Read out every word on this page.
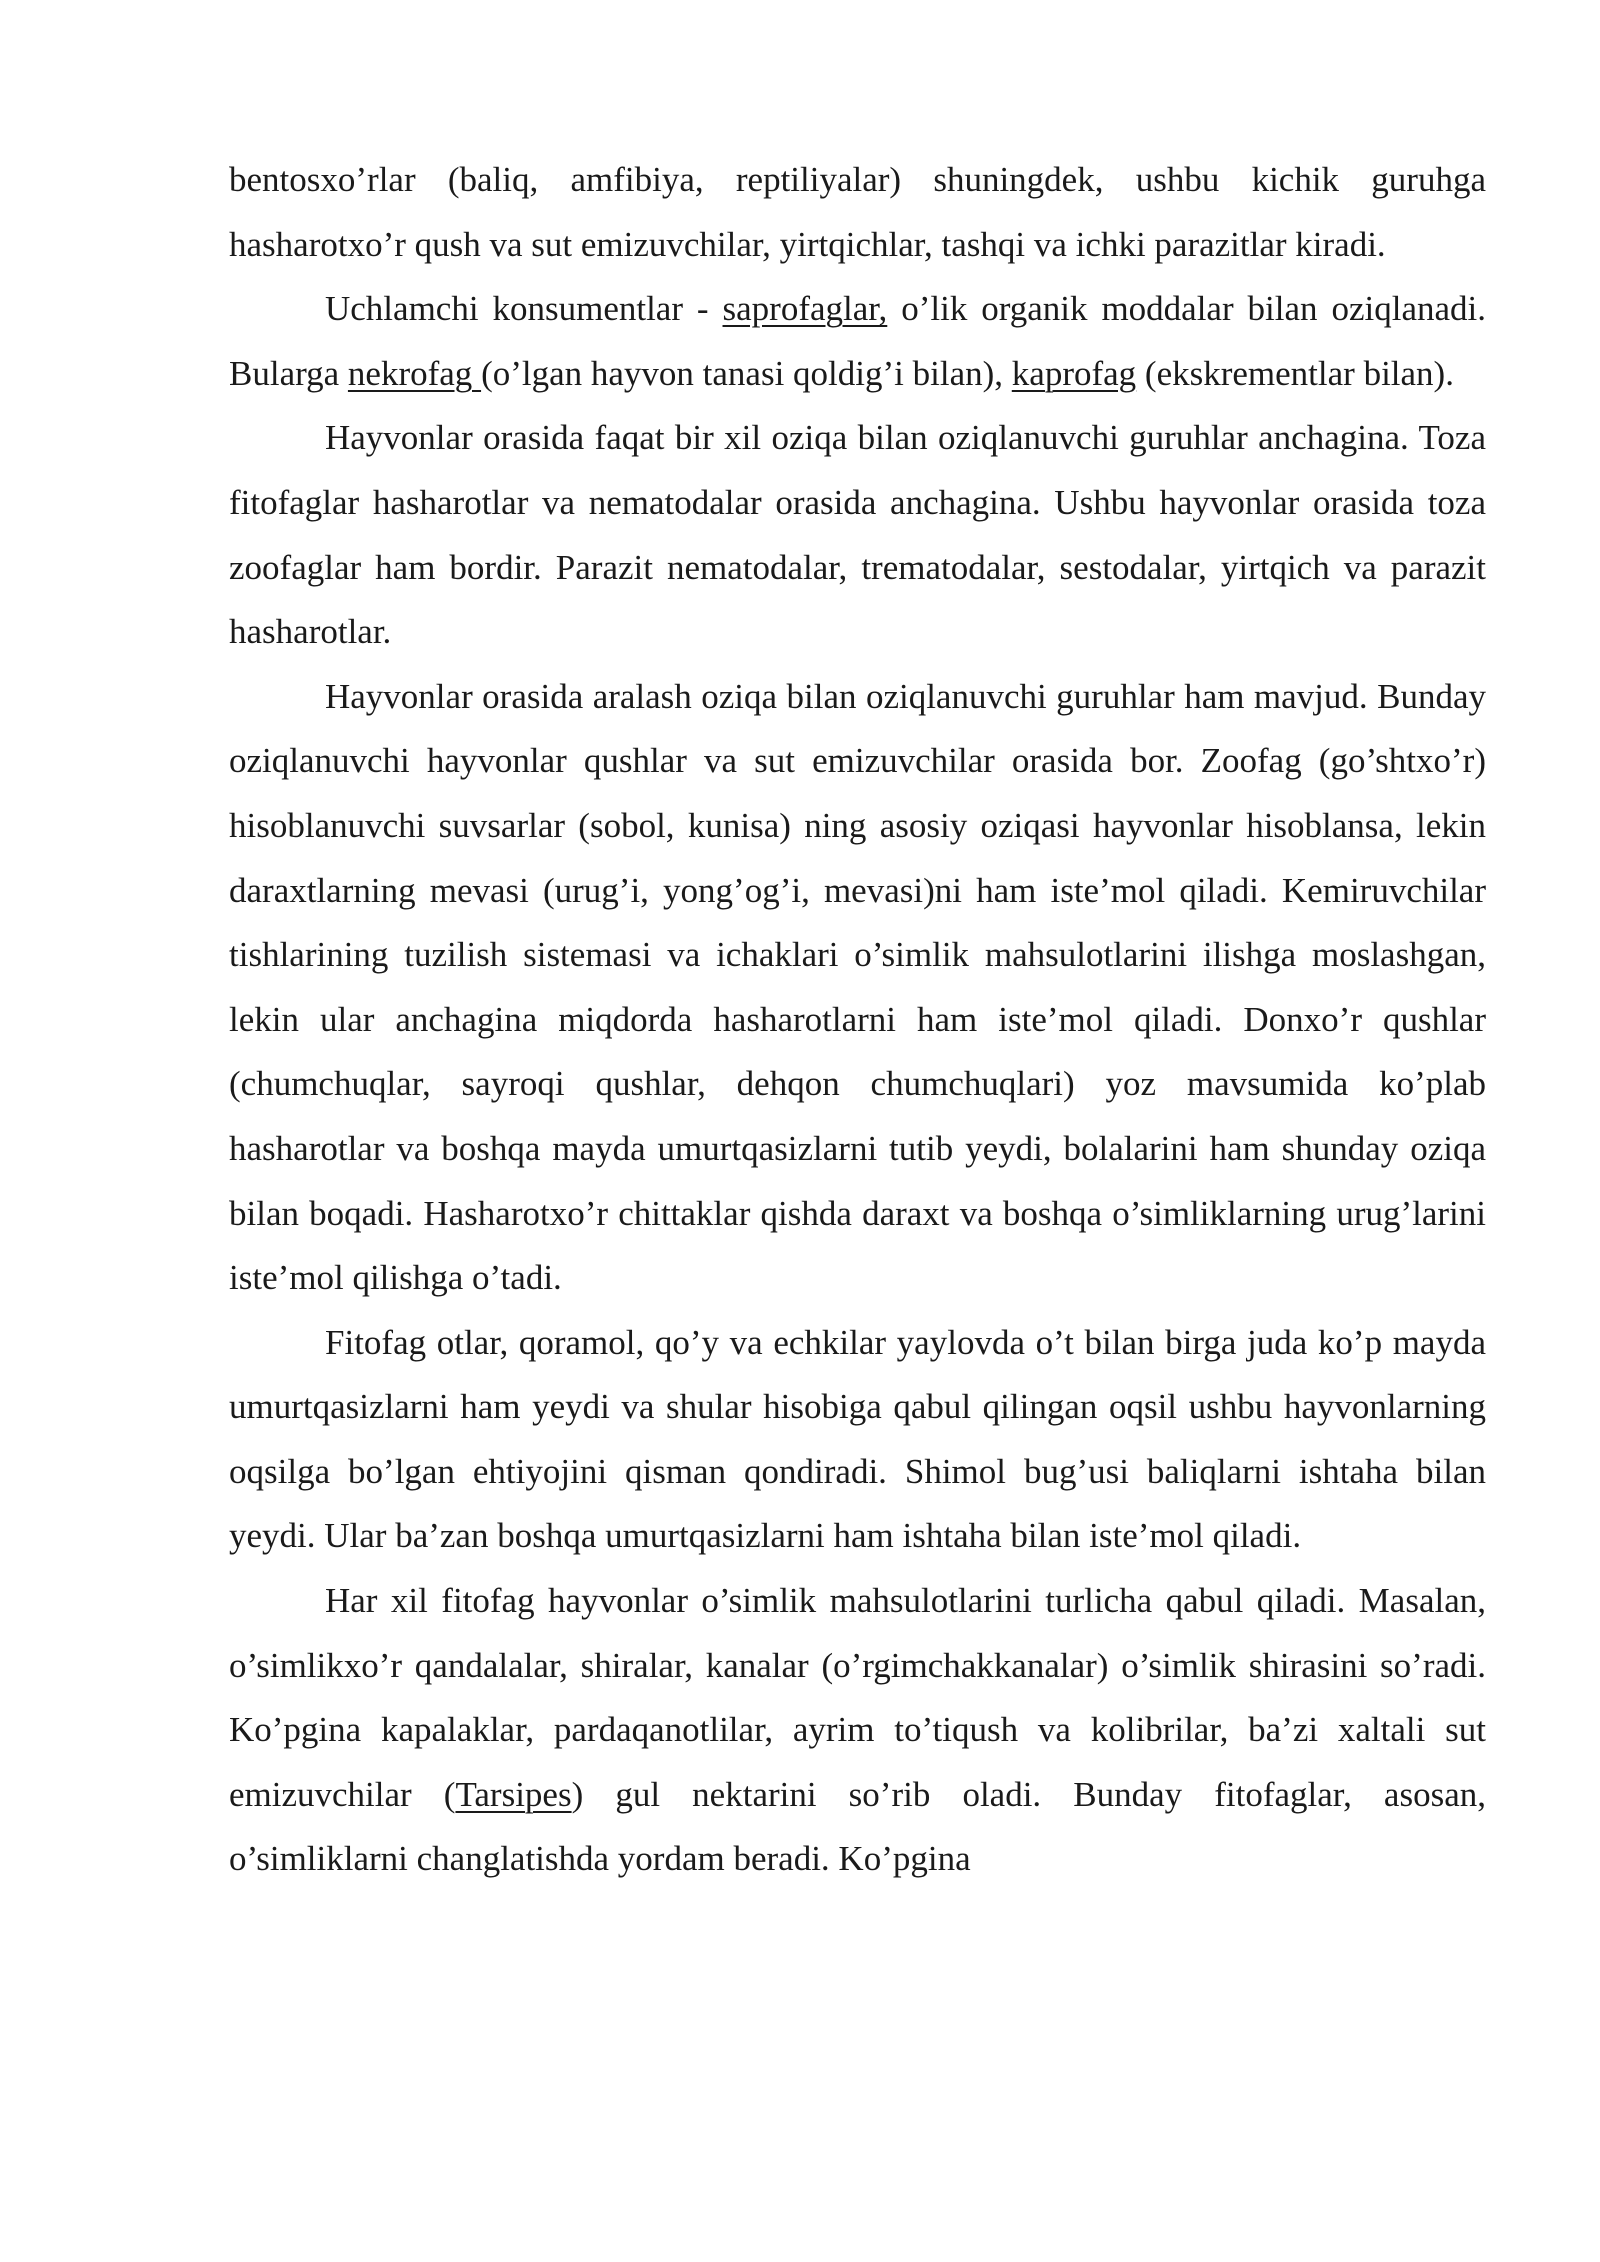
bentosxo’rlar (baliq, amfibiya, reptiliyalar) shuningdek, ushbu kichik guruhga hasharotxo’r qush va sut emizuvchilar, yirtqichlar, tashqi va ichki parazitlar kiradi.

Uchlamchi konsumentlar - saprofaglar, o’lik organik moddalar bilan oziqlanadi. Bularga nekrofag (o’lgan hayvon tanasi qoldig’i bilan), kaprofag (ekskrementlar bilan).

Hayvonlar orasida faqat bir xil oziqa bilan oziqlanuvchi guruhlar anchagina. Toza fitofaglar hasharotlar va nematodalar orasida anchagina. Ushbu hayvonlar orasida toza zoofaglar ham bordir. Parazit nematodalar, trematodalar, sestodalar, yirtqich va parazit hasharotlar.

Hayvonlar orasida aralash oziqa bilan oziqlanuvchi guruhlar ham mavjud. Bunday oziqlanuvchi hayvonlar qushlar va sut emizuvchilar orasida bor. Zoofag (go’shtxo’r) hisoblanuvchi suvsarlar (sobol, kunisa) ning asosiy oziqasi hayvonlar hisoblansa, lekin daraxtlarning mevasi (urug’i, yong’og’i, mevasi)ni ham iste’mol qiladi. Kemiruvchilar tishlarining tuzilish sistemasi va ichaklari o’simlik mahsulotlarini ilishga moslashgan, lekin ular anchagina miqdorda hasharotlarni ham iste’mol qiladi. Donxo’r qushlar (chumchuqlar, sayroqi qushlar, dehqon chumchuqlari) yoz mavsumida ko’plab hasharotlar va boshqa mayda umurtqasizlarni tutib yeydi, bolalarini ham shunday oziqa bilan boqadi. Hasharotxo’r chittaklar qishda daraxt va boshqa o’simliklarning urug’larini iste’mol qilishga o’tadi.

Fitofag otlar, qoramol, qo’y va echkilar yaylovda o’t bilan birga juda ko’p mayda umurtqasizlarni ham yeydi va shular hisobiga qabul qilingan oqsil ushbu hayvonlarning oqsilga bo’lgan ehtiyojini qisman qondiradi. Shimol bug’usi baliqlarni ishtaha bilan yeydi. Ular ba’zan boshqa umurtqasizlarni ham ishtaha bilan iste’mol qiladi.

Har xil fitofag hayvonlar o’simlik mahsulotlarini turlicha qabul qiladi. Masalan, o’simlikxo’r qandalalar, shiralar, kanalar (o’rgimchakkanalar) o’simlik shirasini so’radi. Ko’pgina kapalaklar, pardaqanotlilar, ayrim to’tiqush va kolibrilar, ba’zi xaltali sut emizuvchilar (Tarsipes) gul nektarini so’rib oladi. Bunday fitofaglar, asosan, o’simliklarni changlatishda yordam beradi. Ko’pgina
